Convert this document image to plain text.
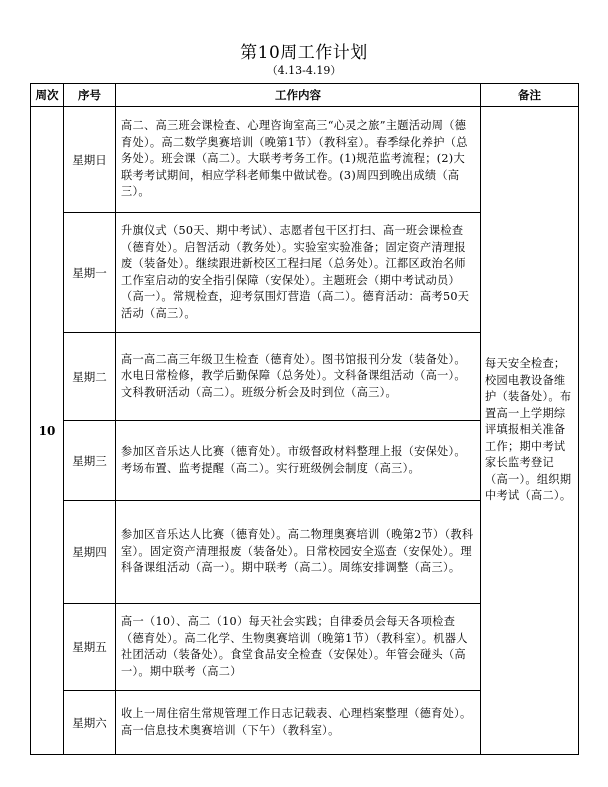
第10周工作计划
（4.13-4.19）
周次	序号	工作内容	备注
10	星期日	高二、高三班会课检查、心理咨询室高三“心灵之旅”主题活动周（德育处）。高二数学奥赛培训（晚第1节）（教科室）。春季绿化养护（总务处）。班会课（高二）。大联考考务工作。(1)规范监考流程；(2)大联考考试期间，相应学科老师集中做试卷。(3)周四到晚出成绩（高三）。	每天安全检查；校园电教设备维护（装备处）。布置高一上学期综评填报相关准备工作；期中考试家长监考登记（高一）。组织期中考试（高二）。
	星期一	升旗仪式（50天、期中考试）、志愿者包干区打扫、高一班会课检查（德育处）。启智活动（教务处）。实验室实验准备；固定资产清理报废（装备处）。继续跟进新校区工程扫尾（总务处）。江都区政治名师工作室启动的安全指引保障（安保处）。主题班会（期中考试动员）（高一）。常规检查，迎考氛围灯营造（高二）。德育活动：高考50天活动（高三）。	
	星期二	高一高二高三年级卫生检查（德育处）。图书馆报刊分发（装备处）。水电日常检修，教学后勤保障（总务处）。文科备课组活动（高一）。文科教研活动（高二）。班级分析会及时到位（高三）。	
	星期三	参加区音乐达人比赛（德育处）。市级督政材料整理上报（安保处）。考场布置、监考提醒（高二）。实行班级例会制度（高三）。	
	星期四	参加区音乐达人比赛（德育处）。高二物理奥赛培训（晚第2节）（教科室）。固定资产清理报废（装备处）。日常校园安全巡查（安保处）。理科备课组活动（高一）。期中联考（高二）。周练安排调整（高三）。	
	星期五	高一（10）、高二（10）每天社会实践；自律委员会每天各项检查（德育处）。高二化学、生物奥赛培训（晚第1节）（教科室）。机器人社团活动（装备处）。食堂食品安全检查（安保处）。年管会碰头（高一）。期中联考（高二）	
	星期六	收上一周住宿生常规管理工作日志记载表、心理档案整理（德育处）。高一信息技术奥赛培训（下午）（教科室）。	
